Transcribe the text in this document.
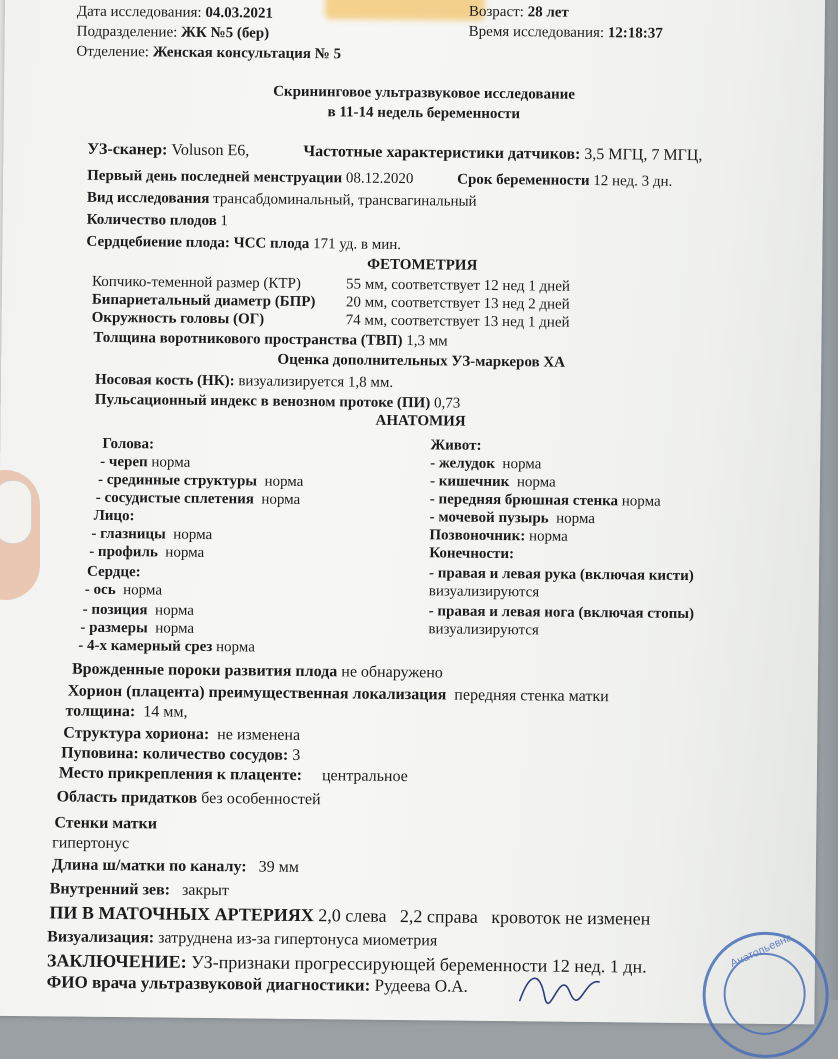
Дата исследования: 04.03.2021	Возраст: 28 лет
Подразделение: ЖК №5 (бер)	Время исследования: 12:18:37
Отделение: Женская консультация № 5
Скрининговое ультразвуковое исследование
в 11-14 недель беременности
УЗ-сканер: Voluson E6,	Частотные характеристики датчиков: 3,5 МГЦ, 7 МГЦ,
Первый день последней менструации 08.12.2020	Срок беременности 12 нед. 3 дн.
Вид исследования трансабдоминальный, трансвагинальный
Количество плодов 1
Сердцебиение плода: ЧСС плода 171 уд. в мин.
ФЕТОМЕТРИЯ
Копчико-теменной размер (КТР)	55 мм, соответствует 12 нед 1 дней
Бипариетальный диаметр (БПР) 20 мм, соответствует 13 нед 2 дней
Окружность головы (ОГ)	74 мм, соответствует 13 нед 1 дней
Толщина воротникового пространства (ТВП) 1,3 мм
Оценка дополнительных УЗ-маркеров ХА
Носовая кость (НК): визуализируется 1,8 мм.
Пульсационный индекс в венозном протоке (ПИ) 0,73
АНАТОМИЯ
Голова:
- череп норма
- срединные структуры норма
- сосудистые сплетения норма
Лицо:
- глазницы норма
- профиль норма
Сердце:
- ось норма
- позиция норма
- размеры норма
- 4-х камерный срез норма
Живот:
- желудок норма
- кишечник норма
- передняя брюшная стенка норма
- мочевой пузырь норма
Позвоночник: норма
Конечности:
- правая и левая рука (включая кисти)
визуализируются
- правая и левая нога (включая стопы)
визуализируются
Врожденные пороки развития плода не обнаружено
Хорион (плацента) преимущественная локализация передняя стенка матки
толщина: 14 мм,
Структура хориона: не изменена
Пуповина: количество сосудов: 3
Место прикрепления к плаценте: центральное
Область придатков без особенностей
Стенки матки
гипертонус
Длина ш/матки по каналу: 39 мм
Внутренний зев: закрыт
ПИ В МАТОЧНЫХ АРТЕРИЯХ 2,0 слева 2,2 справа кровоток не изменен
Визуализация: затруднена из-за гипертонуса миометрия
ЗАКЛЮЧЕНИЕ: УЗ-признаки прогрессирующей беременности 12 нед. 1 дн.
ФИО врача ультразвуковой диагностики: Рудеева О.А.
Анатольевна
